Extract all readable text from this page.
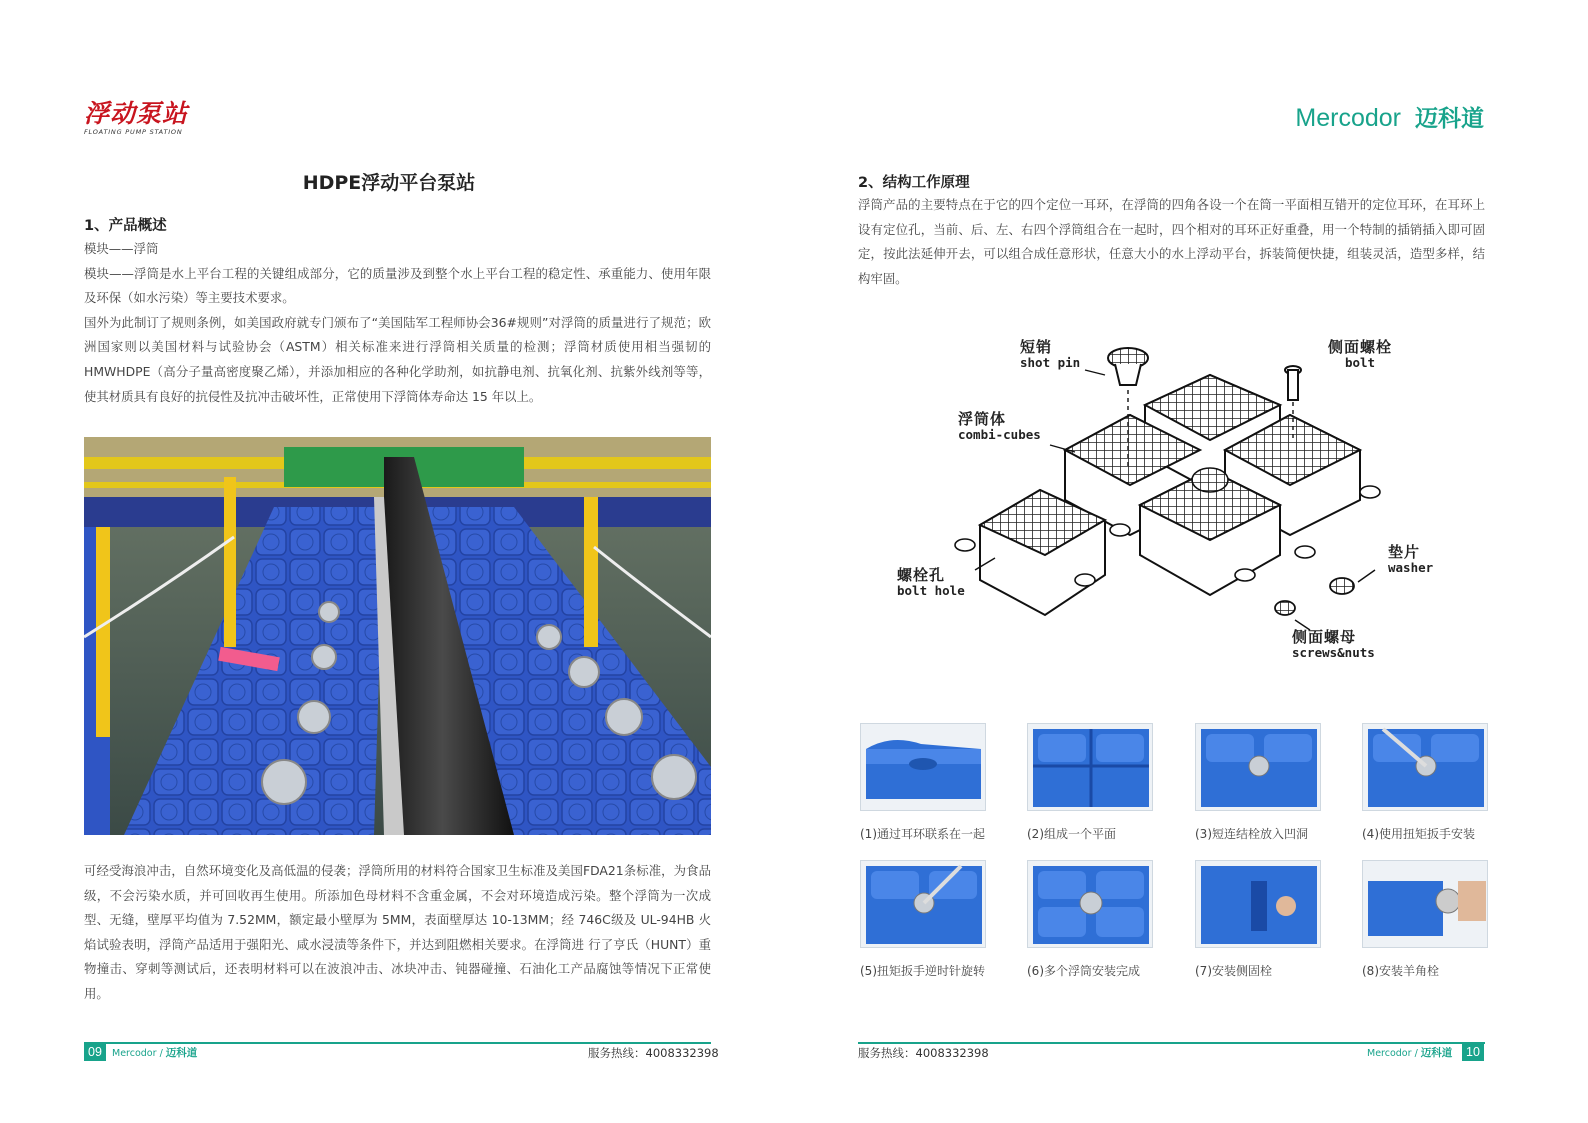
浮动泵站
FLOATING PUMP STATION
HDPE浮动平台泵站
1、产品概述

模块——浮筒

模块——浮筒是水上平台工程的关键组成部分，它的质量涉及到整个水上平台工程的稳定性、承重能力、使用年限及环保（如水污染）等主要技术要求。

国外为此制订了规则条例，如美国政府就专门颁布了“美国陆军工程师协会36#规则”对浮筒的质量进行了规范；欧洲国家则以美国材料与试验协会（ASTM）相关标准来进行浮筒相关质量的检测；浮筒材质使用相当强韧的HMWHDPE（高分子量高密度聚乙烯），并添加相应的各种化学助剂，如抗静电剂、抗氧化剂、抗紫外线剂等等，使其材质具有良好的抗侵性及抗冲击破坏性，正常使用下浮筒体寿命达 15 年以上。

可经受海浪冲击，自然环境变化及高低温的侵袭；浮筒所用的材料符合国家卫生标准及美国FDA21条标准，为食品级，不会污染水质，并可回收再生使用。所添加色母材料不含重金属，不会对环境造成污染。整个浮筒为一次成型、无缝，壁厚平均值为 7.52MM，额定最小壁厚为 5MM，表面壁厚达 10-13MM；经 746C级及 UL-94HB 火焰试验表明，浮筒产品适用于强阳光、咸水浸渍等条件下，并达到阻燃相关要求。在浮筒进 行了亨氏（HUNT）重物撞击、穿刺等测试后，还表明材料可以在波浪冲击、冰块冲击、钝器碰撞、石油化工产品腐蚀等情况下正常使用。
09	Mercodor / 迈科道	服务热线：4008332398
Mercodor 迈科道
2、结构工作原理
浮筒产品的主要特点在于它的四个定位一耳环，在浮筒的四角各设一个在筒一平面相互错开的定位耳环，在耳环上设有定位孔，当前、后、左、右四个浮筒组合在一起时，四个相对的耳环正好重叠，用一个特制的插销插入即可固定，按此法延伸开去，可以组合成任意形状，任意大小的水上浮动平台，拆装简便快捷，组装灵活，造型多样，结构牢固。
短销
shot pin
侧面螺栓
bolt
浮筒体
combi-cubes
垫片
washer
螺栓孔
bolt hole
侧面螺母
screws&nuts
(1)通过耳环联系在一起	(2)组成一个平面	(3)短连结栓放入凹洞	(4)使用扭矩扳手安装
(5)扭矩扳手逆时针旋转	(6)多个浮筒安装完成	(7)安装侧固栓	(8)安装羊角栓
服务热线：4008332398	Mercodor / 迈科道	10
